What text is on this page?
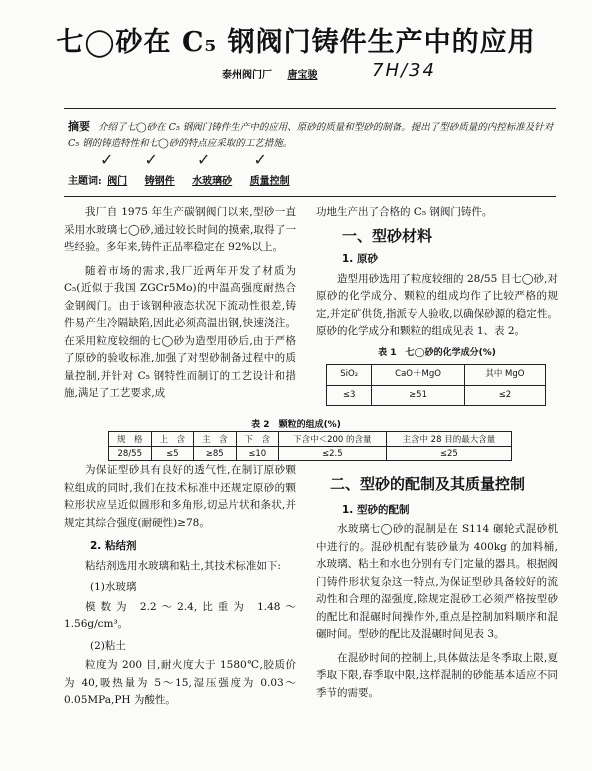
七◯砂在 C₅ 钢阀门铸件生产中的应用
泰州阀门厂 唐宝骏	7H/34
摘要 介绍了七◯砂在 C₅ 钢阀门铸件生产中的应用、原砂的质量和型砂的制备。提出了型砂质量的内控标准及针对 C₅ 钢的铸造特性和七◯砂的特点应采取的工艺措施。
✓ ✓ ✓	✓
主题词: 阀门 铸钢件 水玻璃砂 质量控制

我厂自 1975 年生产碳钢阀门以来,型砂一直采用水玻璃七◯砂,通过较长时间的摸索,取得了一些经验。多年来,铸件正品率稳定在 92%以上。

随着市场的需求,我厂近两年开发了材质为 C₅(近似于我国 ZGCr5Mo)的中温高强度耐热合金钢阀门。由于该钢种液态状况下流动性很差,铸件易产生冷隔缺陷,因此必须高温出钢,快速浇注。在采用粒度较细的七◯砂为造型用砂后,由于严格了原砂的验收标准,加强了对型砂制备过程中的质量控制,并针对 C₅ 钢特性而制订的工艺设计和措施,满足了工艺要求,成

功地生产出了合格的 C₅ 钢阀门铸件。

一、型砂材料
1. 原砂

造型用砂选用了粒度较细的 28/55 目七◯砂,对原砂的化学成分、颗粒的组成均作了比较严格的规定,并定矿供货,指派专人验收,以确保砂源的稳定性。原砂的化学成分和颗粒的组成见表 1、表 2。

表 1　七◯砂的化学成分(%)
SiO₂	CaO＋MgO	其中 MgO
≤3	≥51	≤2
表 2　颗粒的组成(%)
规　格	上　含	主　含	下　含	下含中＜200 的含量	主含中 28 目的最大含量
28/55	≤5	≥85	≤10	≤2.5	≤25

为保证型砂具有良好的透气性,在制订原砂颗粒组成的同时,我们在技术标准中还规定原砂的颗粒形状应呈近似圆形和多角形,切忌片状和条状,并规定其综合强度(耐硬性)≥78。

2. 粘结剂

粘结剂选用水玻璃和粘土,其技术标准如下:

(1)水玻璃

模数为 2.2～2.4,比重为 1.48～1.56g/cm³。

(2)粘土

粒度为 200 目,耐火度大于 1580℃,胶质价为 40,吸热量为 5～15,湿压强度为 0.03～0.05MPa,PH 为酸性。

二、型砂的配制及其质量控制
1. 型砂的配制

水玻璃七◯砂的混制是在 S114 碾轮式混砂机中进行的。混砂机配有装砂量为 400kg 的加料桶,水玻璃、粘土和水也分别有专门定量的器具。根据阀门铸件形状复杂这一特点,为保证型砂具备较好的流动性和合理的湿强度,除规定混砂工必须严格按型砂的配比和混碾时间操作外,重点是控制加料顺序和混碾时间。型砂的配比及混碾时间见表 3。

在混砂时间的控制上,具体做法是冬季取上限,夏季取下限,春季取中限,这样混制的砂能基本适应不同季节的需要。
